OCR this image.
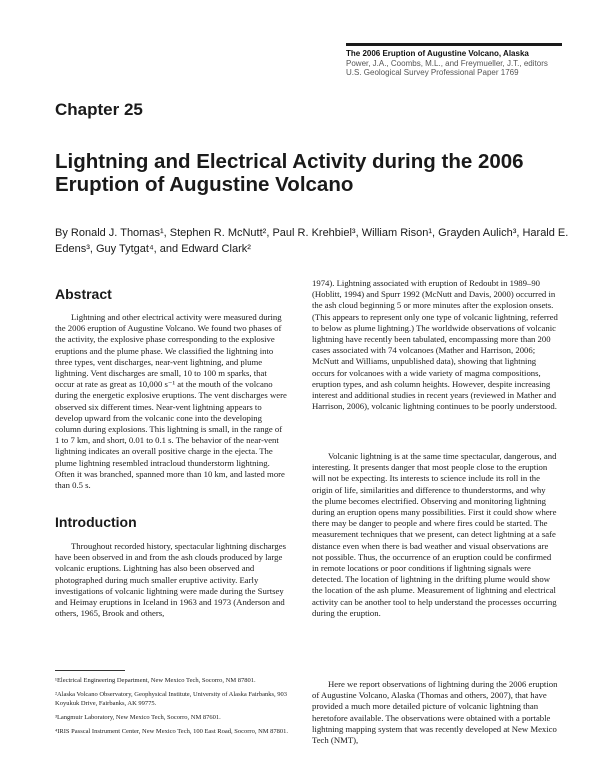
The 2006 Eruption of Augustine Volcano, Alaska
Power, J.A., Coombs, M.L., and Freymueller, J.T., editors
U.S. Geological Survey Professional Paper 1769
Chapter 25
Lightning and Electrical Activity during the 2006 Eruption of Augustine Volcano
By Ronald J. Thomas¹, Stephen R. McNutt², Paul R. Krehbiel³, William Rison¹, Grayden Aulich³, Harald E. Edens³, Guy Tytgat⁴, and Edward Clark²
Abstract
Lightning and other electrical activity were measured during the 2006 eruption of Augustine Volcano. We found two phases of the activity, the explosive phase corresponding to the explosive eruptions and the plume phase. We classified the lightning into three types, vent discharges, near-vent lightning, and plume lightning. Vent discharges are small, 10 to 100 m sparks, that occur at rate as great as 10,000 s⁻¹ at the mouth of the volcano during the energetic explosive eruptions. The vent discharges were observed six different times. Near-vent lightning appears to develop upward from the volcanic cone into the developing column during explosions. This lightning is small, in the range of 1 to 7 km, and short, 0.01 to 0.1 s. The behavior of the near-vent lightning indicates an overall positive charge in the ejecta. The plume lightning resembled intracloud thunderstorm lightning. Often it was branched, spanned more than 10 km, and lasted more than 0.5 s.
Introduction
Throughout recorded history, spectacular lightning discharges have been observed in and from the ash clouds produced by large volcanic eruptions. Lightning has also been observed and photographed during much smaller eruptive activity. Early investigations of volcanic lightning were made during the Surtsey and Heimay eruptions in Iceland in 1963 and 1973 (Anderson and others, 1965, Brook and others,
¹Electrical Engineering Department, New Mexico Tech, Socorro, NM 87801.
²Alaska Volcano Observatory, Geophysical Institute, University of Alaska Fairbanks, 903 Koyukuk Drive, Fairbanks, AK 99775.
³Langmuir Laboratory, New Mexico Tech, Socorro, NM 87601.
⁴IRIS Passcal Instrument Center, New Mexico Tech, 100 East Road, Socorro, NM 87801.
1974). Lightning associated with eruption of Redoubt in 1989–90 (Hoblitt, 1994) and Spurr 1992 (McNutt and Davis, 2000) occurred in the ash cloud beginning 5 or more minutes after the explosion onsets. (This appears to represent only one type of volcanic lightning, referred to below as plume lightning.) The worldwide observations of volcanic lightning have recently been tabulated, encompassing more than 200 cases associated with 74 volcanoes (Mather and Harrison, 2006; McNutt and Williams, unpublished data), showing that lightning occurs for volcanoes with a wide variety of magma compositions, eruption types, and ash column heights. However, despite increasing interest and additional studies in recent years (reviewed in Mather and Harrison, 2006), volcanic lightning continues to be poorly understood.
Volcanic lightning is at the same time spectacular, dangerous, and interesting. It presents danger that most people close to the eruption will not be expecting. Its interests to science include its roll in the origin of life, similarities and difference to thunderstorms, and why the plume becomes electrified. Observing and monitoring lightning during an eruption opens many possibilities. First it could show where there may be danger to people and where fires could be started. The measurement techniques that we present, can detect lightning at a safe distance even when there is bad weather and visual observations are not possible. Thus, the occurrence of an eruption could be confirmed in remote locations or poor conditions if lightning signals were detected. The location of lightning in the drifting plume would show the location of the ash plume. Measurement of lightning and electrical activity can be another tool to help understand the processes occurring during the eruption.
Here we report observations of lightning during the 2006 eruption of Augustine Volcano, Alaska (Thomas and others, 2007), that have provided a much more detailed picture of volcanic lightning than heretofore available. The observations were obtained with a portable lightning mapping system that was recently developed at New Mexico Tech (NMT),
